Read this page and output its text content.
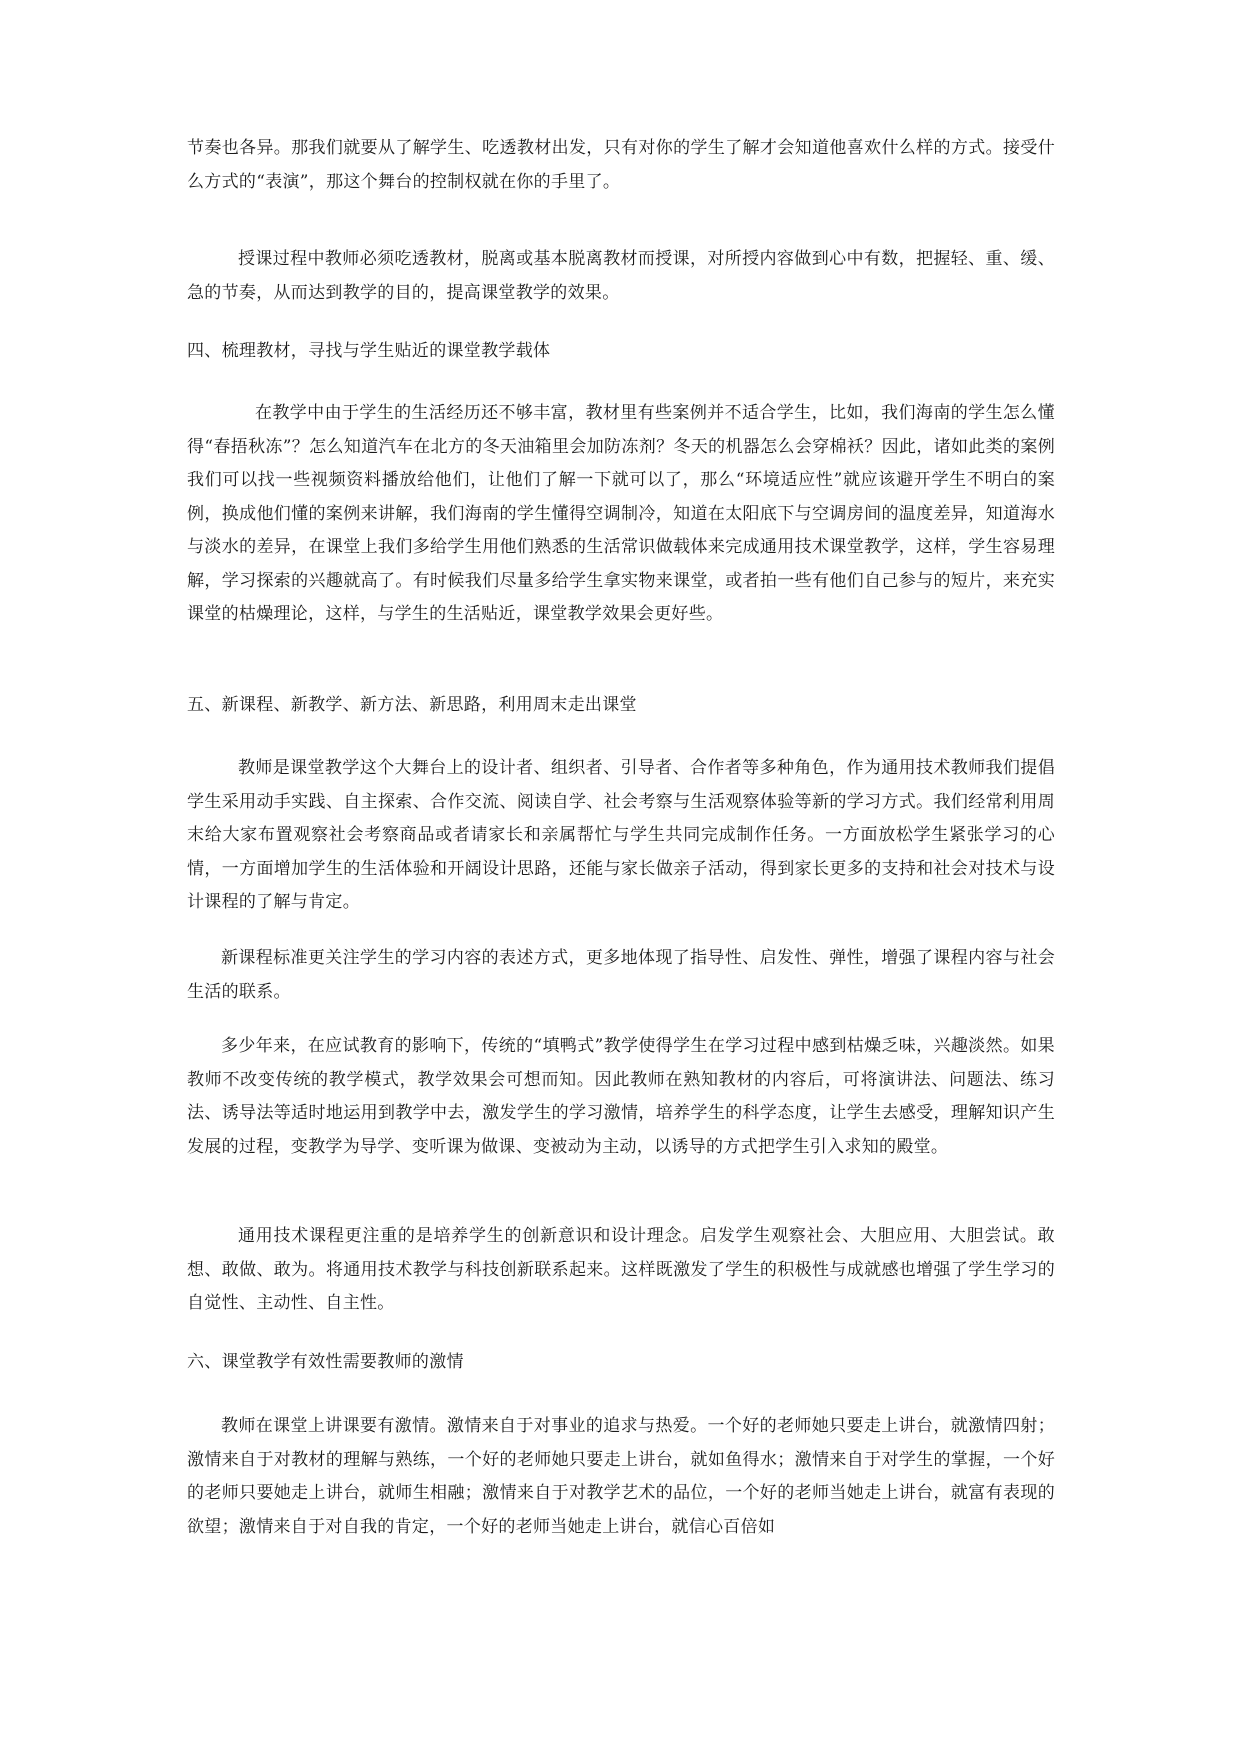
节奏也各异。那我们就要从了解学生、吃透教材出发，只有对你的学生了解才会知道他喜欢什么样的方式。接受什么方式的“表演”，那这个舞台的控制权就在你的手里了。

授课过程中教师必须吃透教材，脱离或基本脱离教材而授课，对所授内容做到心中有数，把握轻、重、缓、急的节奏，从而达到教学的目的，提高课堂教学的效果。

四、梳理教材，寻找与学生贴近的课堂教学载体

在教学中由于学生的生活经历还不够丰富，教材里有些案例并不适合学生，比如，我们海南的学生怎么懂得“春捂秋冻”？怎么知道汽车在北方的冬天油箱里会加防冻剂？冬天的机器怎么会穿棉袄？因此，诸如此类的案例我们可以找一些视频资料播放给他们，让他们了解一下就可以了，那么“环境适应性”就应该避开学生不明白的案例，换成他们懂的案例来讲解，我们海南的学生懂得空调制冷，知道在太阳底下与空调房间的温度差异，知道海水与淡水的差异，在课堂上我们多给学生用他们熟悉的生活常识做载体来完成通用技术课堂教学，这样，学生容易理解，学习探索的兴趣就高了。有时候我们尽量多给学生拿实物来课堂，或者拍一些有他们自己参与的短片，来充实课堂的枯燥理论，这样，与学生的生活贴近，课堂教学效果会更好些。

五、新课程、新教学、新方法、新思路，利用周末走出课堂

教师是课堂教学这个大舞台上的设计者、组织者、引导者、合作者等多种角色，作为通用技术教师我们提倡学生采用动手实践、自主探索、合作交流、阅读自学、社会考察与生活观察体验等新的学习方式。我们经常利用周末给大家布置观察社会考察商品或者请家长和亲属帮忙与学生共同完成制作任务。一方面放松学生紧张学习的心情，一方面增加学生的生活体验和开阔设计思路，还能与家长做亲子活动，得到家长更多的支持和社会对技术与设计课程的了解与肯定。

新课程标准更关注学生的学习内容的表述方式，更多地体现了指导性、启发性、弹性，增强了课程内容与社会生活的联系。

多少年来，在应试教育的影响下，传统的“填鸭式”教学使得学生在学习过程中感到枯燥乏味，兴趣淡然。如果教师不改变传统的教学模式，教学效果会可想而知。因此教师在熟知教材的内容后，可将演讲法、问题法、练习法、诱导法等适时地运用到教学中去，激发学生的学习激情，培养学生的科学态度，让学生去感受，理解知识产生发展的过程，变教学为导学、变听课为做课、变被动为主动，以诱导的方式把学生引入求知的殿堂。

通用技术课程更注重的是培养学生的创新意识和设计理念。启发学生观察社会、大胆应用、大胆尝试。敢想、敢做、敢为。将通用技术教学与科技创新联系起来。这样既激发了学生的积极性与成就感也增强了学生学习的自觉性、主动性、自主性。

六、课堂教学有效性需要教师的激情

教师在课堂上讲课要有激情。激情来自于对事业的追求与热爱。一个好的老师她只要走上讲台，就激情四射；激情来自于对教材的理解与熟练，一个好的老师她只要走上讲台，就如鱼得水；激情来自于对学生的掌握，一个好的老师只要她走上讲台，就师生相融；激情来自于对教学艺术的品位，一个好的老师当她走上讲台，就富有表现的欲望；激情来自于对自我的肯定，一个好的老师当她走上讲台，就信心百倍如
